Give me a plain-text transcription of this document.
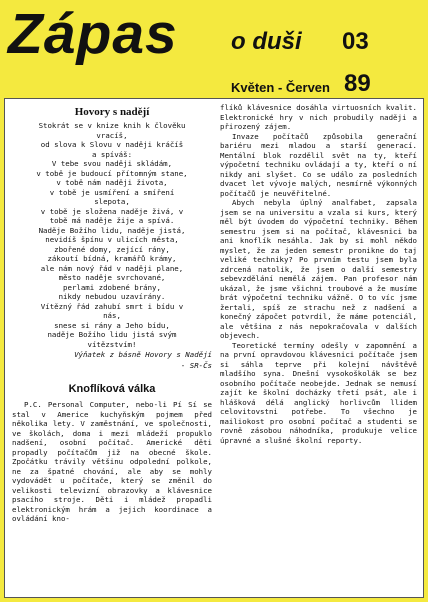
Zápas o duši 03
Květen - Červen 89
Hovory s nadějí
Stokrát se v knize knih k člověku
vracíš,
od slova k Slovu v naději kráčíš
a spíváš:
V tebe svou naději skládám,
v tobě je budoucí přítomným stane,
v tobě nám naději života,
v tobě je usmíření a smíření
slepota,
v tobě je složena naděje živá, v
tobě má naděje žije a spívá.
Naděje Božího lidu, naděje jistá,
nevidíš špínu v ulicích města,
zbořené domy, zející rány,
zákoutí bídná, kramářů krámy,
ale nám nový řád v naději plane,
město naděje svrchované,
perlami zdobené brány,
nikdy nebudou uzavírány.
Vítězný řád zahubí smrt i bídu v
nás,
snese si rány a Jeho bídu,
naděje Božího lidu jistá svým
vítězstvím!
Výňatek z básně Hovory s Nadějí
- SR-Čs
Knoflíková válka
P.C. Personal Computer, nebo-li Pí Sí se stal v Americe kuchyňským pojmem před několika lety. V zaměstnání, ve společnosti, ve školách, doma i mezi mládeží propuklo nadšení, osobní počítač. Americké děti propadly počítačům již na obecné škole. Zpočátku trávily většinu odpolední polkole, ne za špatné chování, ale aby se mohly vydovádět u počítače, který se změnil do velikosti televizní obrazovky a klávesnice psacího stroje. Děti i mládež propadli elektronickým hrám a jejich koordinace a ovládání kno-
flíků klávesnice dosáhla virtuosních kvalit. Elektronické hry v nich probudily naději a přirozený zájem.
Invaze počítačů způsobila generační bariéru mezi mladou a starší generací. Mentální blok rozdělil svět na ty, kteří výpočetní techniku ovládají a ty, kteří o ní nikdy ani slyšet. Co se událo za posledních dvacet let vývoje malých, nesmírně výkonných počítačů je neuvěřitelné.
Abych nebyla úplný analfabet, zapsala jsem se na universitu a vzala si kurs, který měl být úvodem do výpočetní techniky. Během semestru jsem si na počítač, klávesnici ba ani knoflík nesáhla. Jak by si mohl někdo myslet, že za jeden semestr pronikne do taj veliké techniky? Po prvním testu jsem byla zdrcená natolik, že jsem o další semestry sebevzdělání nemělá zájem. Pan profesor nám ukázal, že jsme všichni troubové a že musíme brát výpočetní techniku vážně. O to víc jsme žertali, spíš ze strachu než z nadšení a konečný zápočet potvrdil, že máme potenciál, ale většina z nás nepokračovala v dalších objevech.
Teoretické termíny odešly v zapomnění a na první opravdovou klávesnici počítače jsem si sáhla teprve při kolejní návštěvě mladšího syna. Dnešní vysokoškolák se bez osobního počítače neobejde. Jednak se nemusí zajít ke školní docházky třetí psát, ale i hlášková délá anglický horlivcům llidem celovitovstni potřebe. To všechno je mailiokost pro osobní počítač a studenti se rovně zásobou náhodníka, produkuje velice úpravné a slušné školní reporty.
